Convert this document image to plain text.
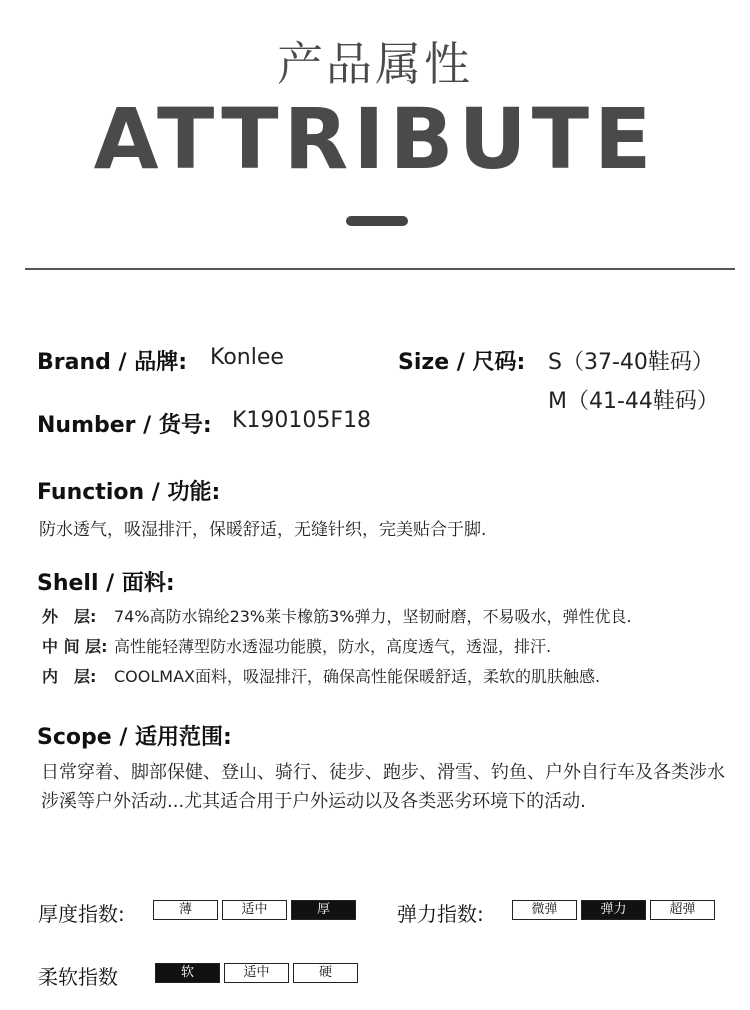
产品属性
ATTRIBUTE
Brand / 品牌: Konlee	Size / 尺码: S（37-40鞋码）
M（41-44鞋码）
Number / 货号: K190105F18
Function / 功能:
防水透气，吸湿排汗，保暖舒适，无缝针织，完美贴合于脚.
Shell / 面料:
外　层: 74%高防水锦纶23%莱卡橡筋3%弹力，坚韧耐磨，不易吸水，弹性优良.
中 间 层: 高性能轻薄型防水透湿功能膜，防水，高度透气，透湿，排汗.
内　层: COOLMAX面料，吸湿排汗，确保高性能保暖舒适，柔软的肌肤触感.
Scope / 适用范围:
日常穿着、脚部保健、登山、骑行、徒步、跑步、滑雪、钓鱼、户外自行车及各类涉水涉溪等户外活动...尤其适合用于户外运动以及各类恶劣环境下的活动.
厚度指数:	薄	适中	厚	弹力指数:	微弹	弹力	超弹
柔软指数	软	适中	硬
